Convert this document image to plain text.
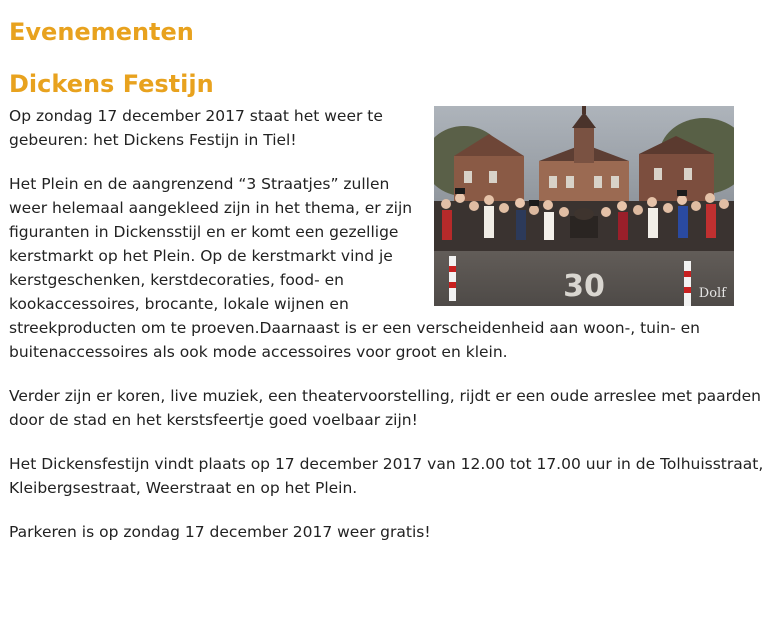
Evenementen
Dickens Festijn
30	Dolf

Op zondag 17 december 2017 staat het weer te gebeuren: het Dickens Festijn in Tiel!

Het Plein en de aangrenzend “3 Straatjes” zullen weer helemaal aangekleed zijn in het thema, er zijn figuranten in Dickensstijl en er komt een gezellige kerstmarkt op het Plein. Op de kerstmarkt vind je kerstgeschenken, kerstdecoraties, food- en kookaccessoires, brocante, lokale wijnen en streekproducten om te proeven.Daarnaast is er een verscheidenheid aan woon-, tuin- en buitenaccessoires als ook mode accessoires voor groot en klein.

Verder zijn er koren, live muziek, een theatervoorstelling, rijdt er een oude arreslee met paarden door de stad en het kerstsfeertje goed voelbaar zijn!

Het Dickensfestijn vindt plaats op 17 december 2017 van 12.00 tot 17.00 uur in de Tolhuisstraat, Kleibergsestraat, Weerstraat en op het Plein.

Parkeren is op zondag 17 december 2017 weer gratis!
